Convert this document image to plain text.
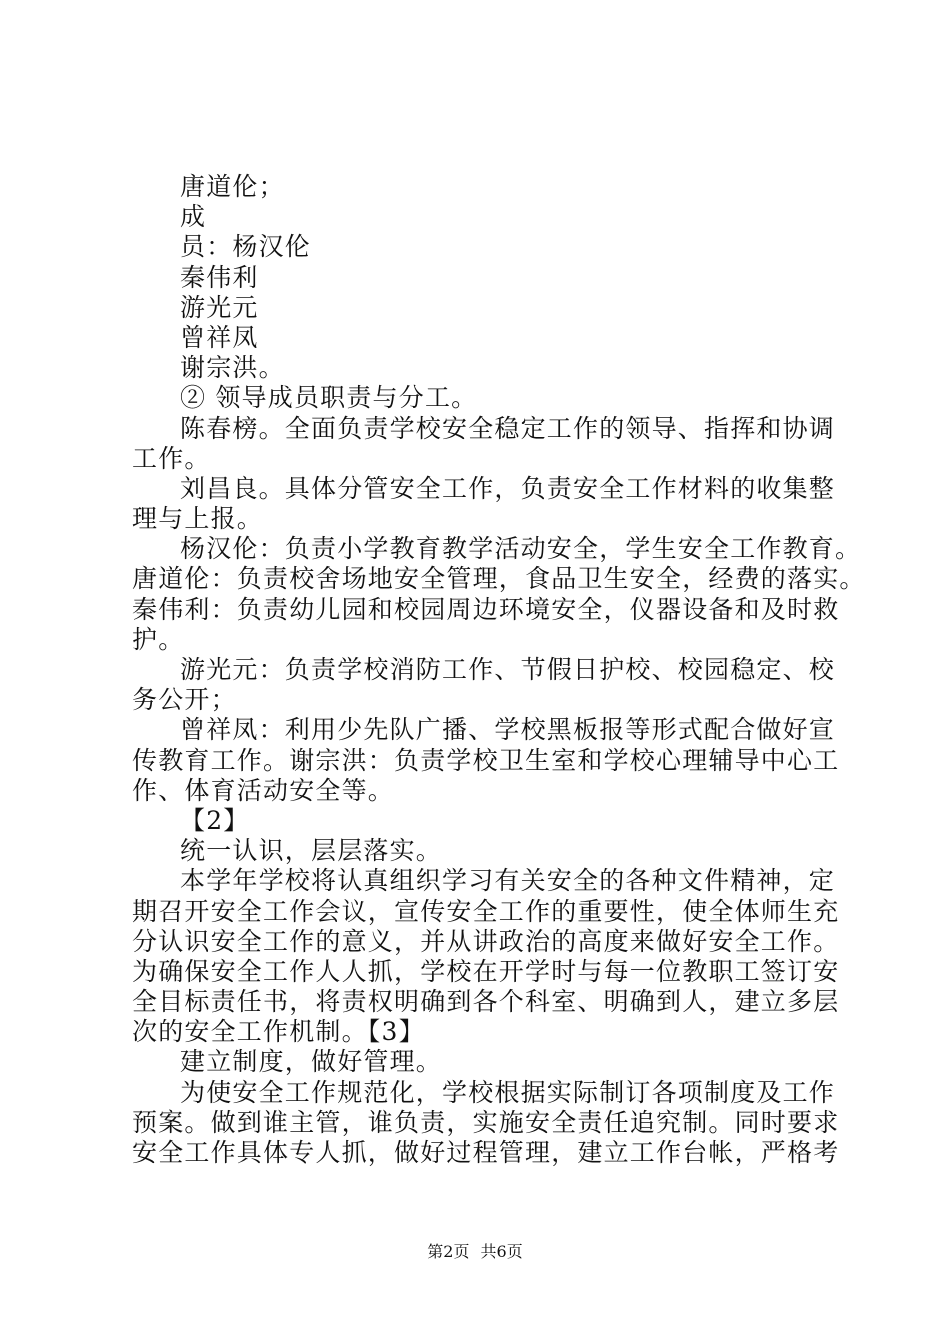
唐道伦；
成
员：杨汉伦
秦伟利
游光元
曾祥凤
谢宗洪。
② 领导成员职责与分工。
陈春榜。全面负责学校安全稳定工作的领导、指挥和协调
工作。
刘昌良。具体分管安全工作，负责安全工作材料的收集整
理与上报。
杨汉伦：负责小学教育教学活动安全，学生安全工作教育。
唐道伦：负责校舍场地安全管理，食品卫生安全，经费的落实。
秦伟利：负责幼儿园和校园周边环境安全，仪器设备和及时救
护。
游光元：负责学校消防工作、节假日护校、校园稳定、校
务公开；
曾祥凤：利用少先队广播、学校黑板报等形式配合做好宣
传教育工作。谢宗洪：负责学校卫生室和学校心理辅导中心工
作、体育活动安全等。
【2】
统一认识，层层落实。
本学年学校将认真组织学习有关安全的各种文件精神，定
期召开安全工作会议，宣传安全工作的重要性，使全体师生充
分认识安全工作的意义，并从讲政治的高度来做好安全工作。
为确保安全工作人人抓，学校在开学时与每一位教职工签订安
全目标责任书，将责权明确到各个科室、明确到人，建立多层
次的安全工作机制。【3】
建立制度，做好管理。
为使安全工作规范化，学校根据实际制订各项制度及工作
预案。做到谁主管，谁负责，实施安全责任追究制。同时要求
安全工作具体专人抓，做好过程管理，建立工作台帐，严格考
第2页 共6页
